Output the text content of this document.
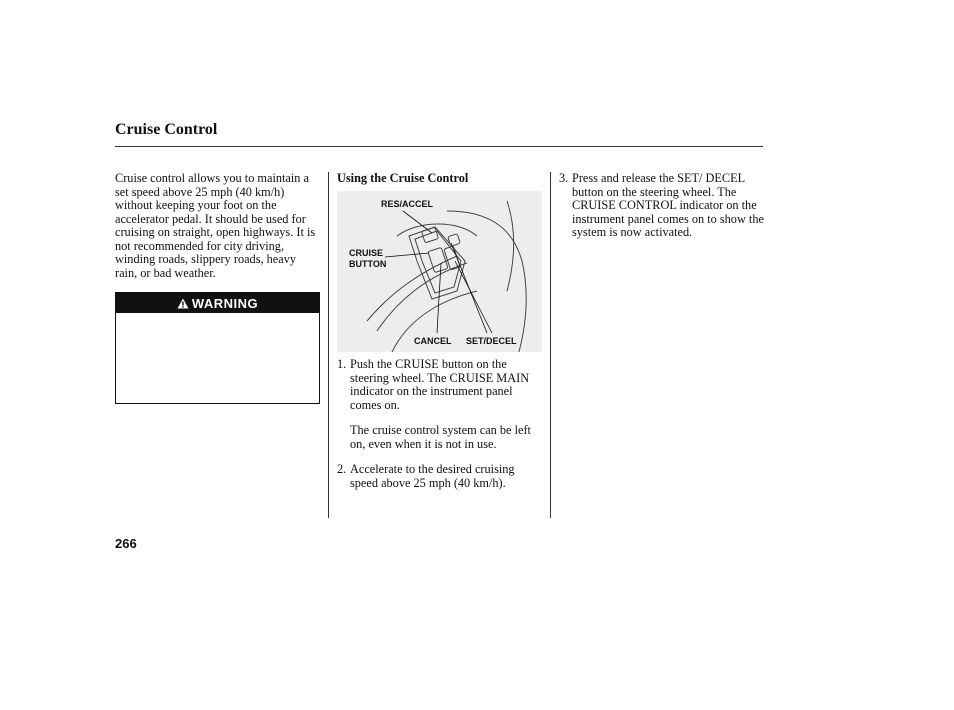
Cruise Control
Cruise control allows you to maintain a set speed above 25 mph (40 km/h) without keeping your foot on the accelerator pedal. It should be used for cruising on straight, open highways. It is not recommended for city driving, winding roads, slippery roads, heavy rain, or bad weather.
WARNING
Using the Cruise Control
RES/ACCEL
CRUISE
BUTTON
CANCEL SET/DECEL
1. Push the CRUISE button on the steering wheel. The CRUISE MAIN indicator on the instrument panel comes on.
The cruise control system can be left on, even when it is not in use.
2. Accelerate to the desired cruising speed above 25 mph (40 km/h).
3. Press and release the SET/ DECEL button on the steering wheel. The CRUISE CONTROL indicator on the instrument panel comes on to show the system is now activated.
266
